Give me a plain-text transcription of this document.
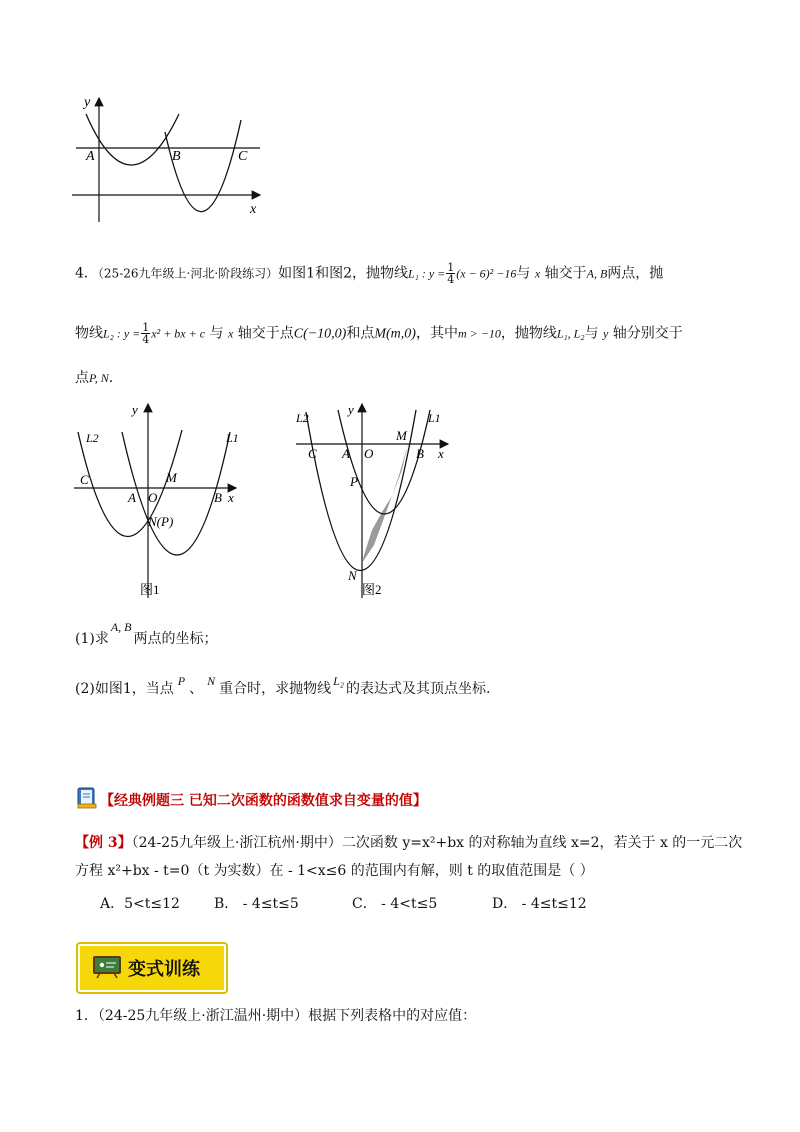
y
x
A	B	C
4．（25-26九年级上·河北·阶段练习）如图1和图2，抛物线L₁ : $y = \frac{1}{4} (x - 6)^2 -16$与 x 轴交于A, B两点，抛
物线L₂ : $y = \frac{1}{4} x^2$ + bx + c 与 x 轴交于点C(−10,0)和点M(m,0)，其中m > −10，抛物线L₁, L₂与 y 轴分别交于
点P, N.
y
x
L2	L1
C
A O
M
B
N(P)
图1
y
x
L2	L1
C A O
M
B
P
N
图2
(1)求A, B两点的坐标；
(2)如图1，当点 P 、 N 重合时，求抛物线 L₂ 的表达式及其顶点坐标.
【经典例题三 已知二次函数的函数值求自变量的值】
【例 3】（24-25九年级上·浙江杭州·期中）二次函数 y=x²+bx 的对称轴为直线 x=2，若关于 x 的一元二次
方程 x²+bx - t=0（t 为实数）在 - 1<x≤6 的范围内有解，则 t 的取值范围是（ ）
A．5<t≤12 B． - 4≤t≤5	C． - 4<t≤5	D． - 4≤t≤12
变式训练
1．（24-25九年级上·浙江温州·期中）根据下列表格中的对应值：
